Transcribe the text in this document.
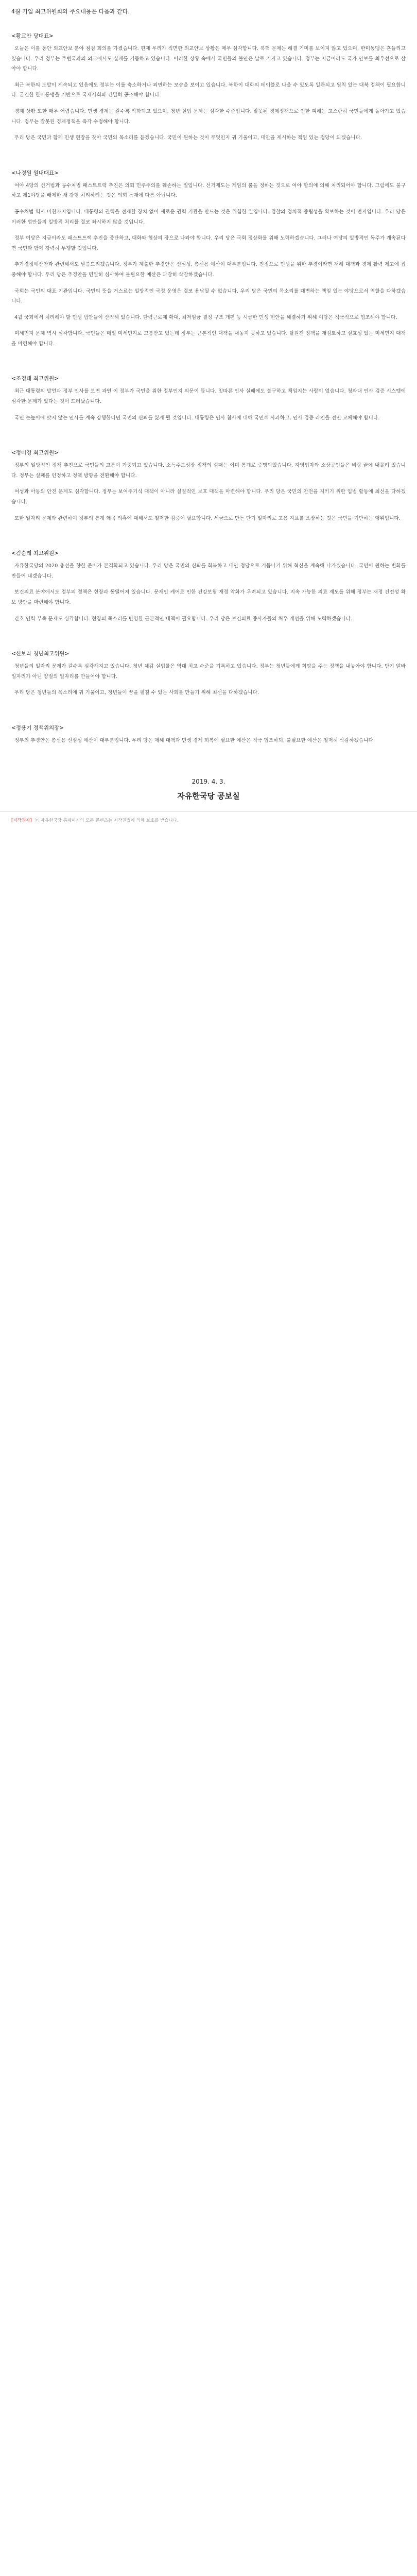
4월 기업 최고위원회의 주요내용은 다음과 같다.
<황교안 당대표>

오늘은 이틀 동안 외교안보 분야 점검 회의를 가졌습니다. 현재 우리가 직면한 외교안보 상황은 매우 심각합니다. 북핵 문제는 해결 기미를 보이지 않고 있으며, 한미동맹은 흔들리고 있습니다. 우리 정부는 주변국과의 외교에서도 실패를 거듭하고 있습니다. 이러한 상황 속에서 국민들의 불안은 날로 커지고 있습니다. 정부는 지금이라도 국가 안보를 최우선으로 삼아야 합니다.

최근 북한의 도발이 계속되고 있음에도 정부는 이를 축소하거나 외면하는 모습을 보이고 있습니다. 북한이 대화의 테이블로 나올 수 있도록 일관되고 원칙 있는 대북 정책이 필요합니다. 굳건한 한미동맹을 기반으로 국제사회와 긴밀히 공조해야 합니다.

경제 상황 또한 매우 어렵습니다. 민생 경제는 갈수록 악화되고 있으며, 청년 실업 문제는 심각한 수준입니다. 잘못된 경제정책으로 인한 피해는 고스란히 국민들에게 돌아가고 있습니다. 정부는 잘못된 경제정책을 즉각 수정해야 합니다.

우리 당은 국민과 함께 민생 현장을 찾아 국민의 목소리를 듣겠습니다. 국민이 원하는 것이 무엇인지 귀 기울이고, 대안을 제시하는 책임 있는 정당이 되겠습니다.

<나경원 원내대표>

여야 4당의 선거법과 공수처법 패스트트랙 추진은 의회 민주주의를 훼손하는 일입니다. 선거제도는 게임의 룰을 정하는 것으로 여야 합의에 의해 처리되어야 합니다. 그럼에도 불구하고 제1야당을 배제한 채 강행 처리하려는 것은 의회 독재에 다름 아닙니다.

공수처법 역시 마찬가지입니다. 대통령의 권력을 견제할 장치 없이 새로운 권력 기관을 만드는 것은 위험한 일입니다. 검찰의 정치적 중립성을 확보하는 것이 먼저입니다. 우리 당은 이러한 법안들의 일방적 처리를 결코 좌시하지 않을 것입니다.

정부 여당은 지금이라도 패스트트랙 추진을 중단하고, 대화와 협상의 장으로 나와야 합니다. 우리 당은 국회 정상화를 위해 노력하겠습니다. 그러나 여당의 일방적인 독주가 계속된다면 국민과 함께 강력히 투쟁할 것입니다.

추가경정예산안과 관련해서도 말씀드리겠습니다. 정부가 제출한 추경안은 선심성, 총선용 예산이 대부분입니다. 진정으로 민생을 위한 추경이라면 재해 대책과 경제 활력 제고에 집중해야 합니다. 우리 당은 추경안을 면밀히 심사하여 불필요한 예산은 과감히 삭감하겠습니다.

국회는 국민의 대표 기관입니다. 국민의 뜻을 거스르는 일방적인 국정 운영은 결코 용납될 수 없습니다. 우리 당은 국민의 목소리를 대변하는 책임 있는 야당으로서 역할을 다하겠습니다.

4월 국회에서 처리해야 할 민생 법안들이 산적해 있습니다. 탄력근로제 확대, 최저임금 결정 구조 개편 등 시급한 민생 현안을 해결하기 위해 여당은 적극적으로 협조해야 합니다.

미세먼지 문제 역시 심각합니다. 국민들은 매일 미세먼지로 고통받고 있는데 정부는 근본적인 대책을 내놓지 못하고 있습니다. 탈원전 정책을 재검토하고 실효성 있는 미세먼지 대책을 마련해야 합니다.

<조경태 최고위원>

최근 대통령의 발언과 정부 인사를 보면 과연 이 정부가 국민을 위한 정부인지 의문이 듭니다. 잇따른 인사 실패에도 불구하고 책임지는 사람이 없습니다. 청와대 인사 검증 시스템에 심각한 문제가 있다는 것이 드러났습니다.

국민 눈높이에 맞지 않는 인사를 계속 강행한다면 국민의 신뢰를 잃게 될 것입니다. 대통령은 인사 참사에 대해 국민께 사과하고, 인사 검증 라인을 전면 교체해야 합니다.

<정미경 최고위원>

정부의 일방적인 정책 추진으로 국민들의 고통이 가중되고 있습니다. 소득주도성장 정책의 실패는 이미 통계로 증명되었습니다. 자영업자와 소상공인들은 벼랑 끝에 내몰려 있습니다. 정부는 실패를 인정하고 정책 방향을 전환해야 합니다.

여성과 아동의 안전 문제도 심각합니다. 정부는 보여주기식 대책이 아니라 실질적인 보호 대책을 마련해야 합니다. 우리 당은 국민의 안전을 지키기 위한 입법 활동에 최선을 다하겠습니다.

또한 일자리 문제와 관련하여 정부의 통계 왜곡 의혹에 대해서도 철저한 검증이 필요합니다. 세금으로 만든 단기 일자리로 고용 지표를 포장하는 것은 국민을 기만하는 행위입니다.

<김순례 최고위원>

자유한국당의 2020 총선을 향한 준비가 본격화되고 있습니다. 우리 당은 국민의 신뢰를 회복하고 대안 정당으로 거듭나기 위해 혁신을 계속해 나가겠습니다. 국민이 원하는 변화를 만들어 내겠습니다.

보건의료 분야에서도 정부의 정책은 현장과 동떨어져 있습니다. 문재인 케어로 인한 건강보험 재정 악화가 우려되고 있습니다. 지속 가능한 의료 제도를 위해 정부는 재정 건전성 확보 방안을 마련해야 합니다.

간호 인력 부족 문제도 심각합니다. 현장의 목소리를 반영한 근본적인 대책이 필요합니다. 우리 당은 보건의료 종사자들의 처우 개선을 위해 노력하겠습니다.

<신보라 청년최고위원>

청년들의 일자리 문제가 갈수록 심각해지고 있습니다. 청년 체감 실업률은 역대 최고 수준을 기록하고 있습니다. 정부는 청년들에게 희망을 주는 정책을 내놓아야 합니다. 단기 알바 일자리가 아닌 양질의 일자리를 만들어야 합니다.

우리 당은 청년들의 목소리에 귀 기울이고, 청년들이 꿈을 펼칠 수 있는 사회를 만들기 위해 최선을 다하겠습니다.

<정용기 정책위의장>

정부의 추경안은 총선용 선심성 예산이 대부분입니다. 우리 당은 재해 대책과 민생 경제 회복에 필요한 예산은 적극 협조하되, 불필요한 예산은 철저히 삭감하겠습니다.

2019. 4. 3.
자유한국당 공보실
[저작권자] ⓒ 자유한국당 홈페이지의 모든 콘텐츠는 저작권법에 의해 보호를 받습니다.
